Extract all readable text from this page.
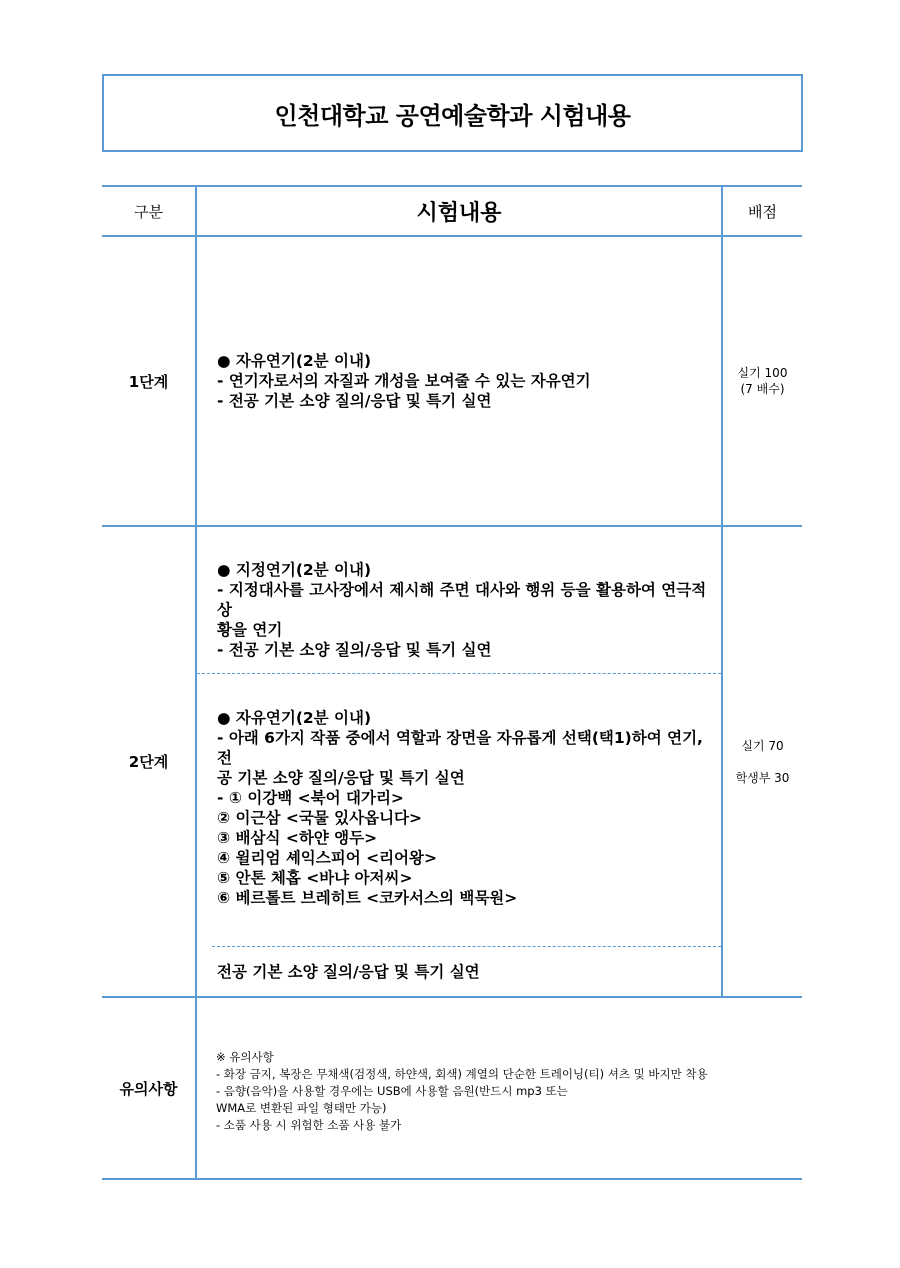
인천대학교 공연예술학과 시험내용
구분	시험내용	배점
1단계

● 자유연기(2분 이내)

- 연기자로서의 자질과 개성을 보여줄 수 있는 자유연기

- 전공 기본 소양 질의/응답 및 특기 실연

실기 100
(7 배수)
2단계

● 지정연기(2분 이내)

- 지정대사를 고사장에서 제시해 주면 대사와 행위 등을 활용하여 연극적 상

황을 연기

- 전공 기본 소양 질의/응답 및 특기 실연

● 자유연기(2분 이내)

- 아래 6가지 작품 중에서 역할과 장면을 자유롭게 선택(택1)하여 연기, 전

공 기본 소양 질의/응답 및 특기 실연

- ① 이강백 <북어 대가리>

② 이근삼 <국물 있사옵니다>

③ 배삼식 <하얀 앵두>

④ 윌리엄 셰익스피어 <리어왕>

⑤ 안톤 체홉 <바냐 아저씨>

⑥ 베르톨트 브레히트 <코카서스의 백묵원>

전공 기본 소양 질의/응답 및 특기 실연

실기 70
학생부 30
유의사항

※ 유의사항

- 화장 금지, 복장은 무채색(검정색, 하얀색, 회색) 계열의 단순한 트레이닝(티) 셔츠 및 바지만 착용

- 음향(음악)을 사용할 경우에는 USB에 사용할 음원(반드시 mp3 또는

WMA로 변환된 파일 형태만 가능)

- 소품 사용 시 위험한 소품 사용 불가
